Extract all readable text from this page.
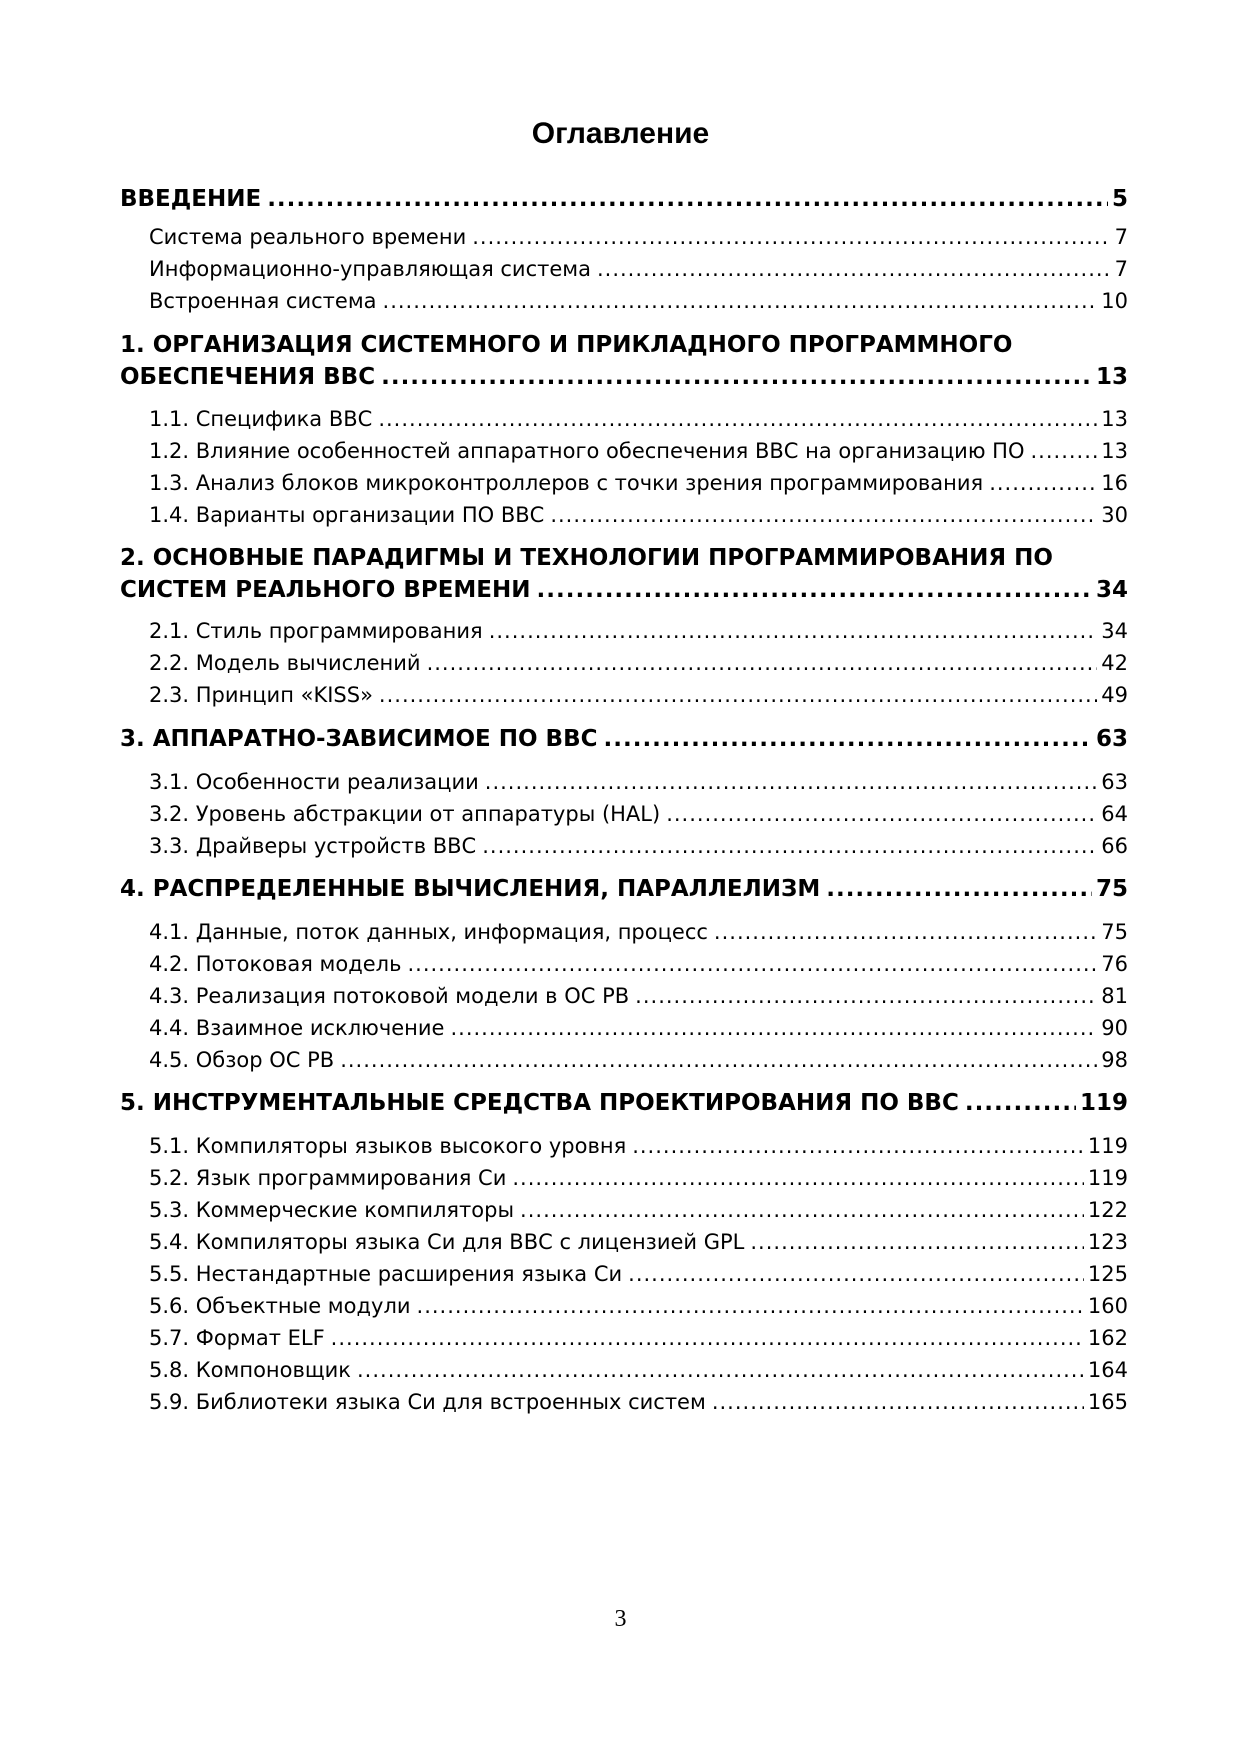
Оглавление
ВВЕДЕНИЕ .....	5
Система реального времени .....	7
Информационно-управляющая система .....	7
Встроенная система .....	10
1. ОРГАНИЗАЦИЯ СИСТЕМНОГО И ПРИКЛАДНОГО ПРОГРАММНОГО
ОБЕСПЕЧЕНИЯ ВВС .....	13
1.1. Специфика ВВС .....	13
1.2. Влияние особенностей аппаратного обеспечения ВВС на организацию ПО .....	13
1.3. Анализ блоков микроконтроллеров с точки зрения программирования .....	16
1.4. Варианты организации ПО ВВС .....	30
2. ОСНОВНЫЕ ПАРАДИГМЫ И ТЕХНОЛОГИИ ПРОГРАММИРОВАНИЯ ПО
СИСТЕМ РЕАЛЬНОГО ВРЕМЕНИ .....	34
2.1. Стиль программирования .....	34
2.2. Модель вычислений .....	42
2.3. Принцип «KISS» .....	49
3. АППАРАТНО-ЗАВИСИМОЕ ПО ВВС .....	63
3.1. Особенности реализации .....	63
3.2. Уровень абстракции от аппаратуры (HAL) .....	64
3.3. Драйверы устройств ВВС .....	66
4. РАСПРЕДЕЛЕННЫЕ ВЫЧИСЛЕНИЯ, ПАРАЛЛЕЛИЗМ .....	75
4.1. Данные, поток данных, информация, процесс .....	75
4.2. Потоковая модель .....	76
4.3. Реализация потоковой модели в ОС РВ .....	81
4.4. Взаимное исключение .....	90
4.5. Обзор ОС РВ .....	98
5. ИНСТРУМЕНТАЛЬНЫЕ СРЕДСТВА ПРОЕКТИРОВАНИЯ ПО ВВС .....	119
5.1. Компиляторы языков высокого уровня .....	119
5.2. Язык программирования Си .....	119
5.3. Коммерческие компиляторы .....	122
5.4. Компиляторы языка Си для ВВС с лицензией GPL .....	123
5.5. Нестандартные расширения языка Си .....	125
5.6. Объектные модули .....	160
5.7. Формат ELF .....	162
5.8. Компоновщик .....	164
5.9. Библиотеки языка Си для встроенных систем .....	165
3
